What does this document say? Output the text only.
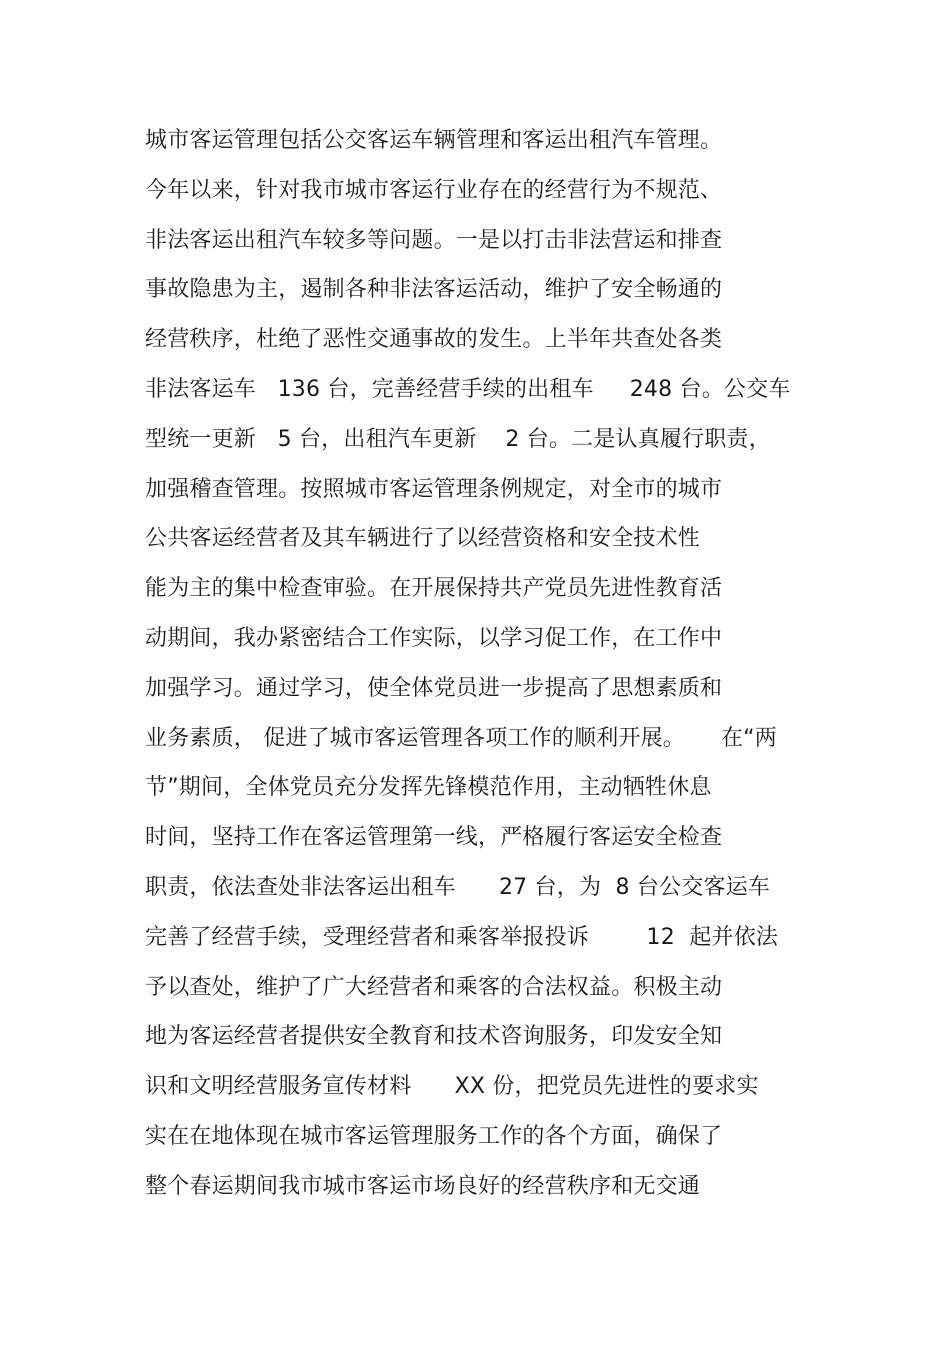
城市客运管理包括公交客运车辆管理和客运出租汽车管理。
今年以来，针对我市城市客运行业存在的经营行为不规范、
非法客运出租汽车较多等问题。一是以打击非法营运和排查
事故隐患为主，遏制各种非法客运活动，维护了安全畅通的
经营秩序，杜绝了恶性交通事故的发生。上半年共查处各类
非法客运车   136 台，完善经营手续的出租车     248 台。公交车
型统一更新   5 台，出租汽车更新    2 台。二是认真履行职责，
加强稽查管理。按照城市客运管理条例规定，对全市的城市
公共客运经营者及其车辆进行了以经营资格和安全技术性
能为主的集中检查审验。在开展保持共产党员先进性教育活
动期间，我办紧密结合工作实际，以学习促工作，在工作中
加强学习。通过学习，使全体党员进一步提高了思想素质和
业务素质， 促进了城市客运管理各项工作的顺利开展。     在“两
节”期间，全体党员充分发挥先锋模范作用，主动牺牲休息
时间，坚持工作在客运管理第一线，严格履行客运安全检查
职责，依法查处非法客运出租车      27 台，为  8 台公交客运车
完善了经营手续，受理经营者和乘客举报投诉        12  起并依法
予以查处，维护了广大经营者和乘客的合法权益。积极主动
地为客运经营者提供安全教育和技术咨询服务，印发安全知
识和文明经营服务宣传材料      XX 份，把党员先进性的要求实
实在在地体现在城市客运管理服务工作的各个方面，确保了
整个春运期间我市城市客运市场良好的经营秩序和无交通
